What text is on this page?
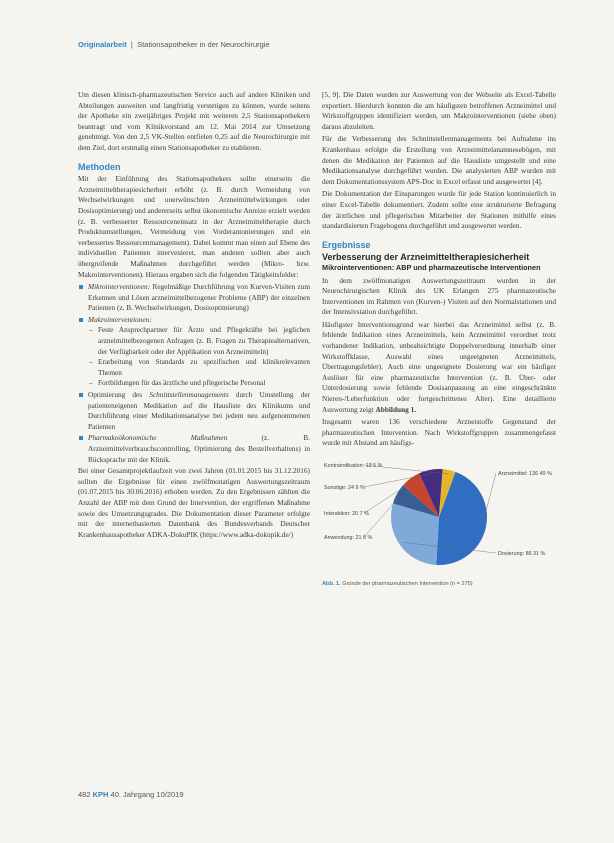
Originalarbeit  |  Stationsapotheker in der Neurochirurgie

Um diesen klinisch-pharmazeutischen Service auch auf andere Kliniken und Abteilungen ausweiten und langfristig verstetigen zu können, wurde seitens der Apotheke ein zweijähriges Projekt mit weiteren 2,5 Stationsapothekern beantragt und vom Klinikvorstand am 12. Mai 2014 zur Umsetzung genehmigt. Von den 2,5 VK-Stellen entfielen 0,25 auf die Neurochirurgie mit dem Ziel, dort erstmalig einen Stationsapotheker zu etablieren.

Methoden

Mit der Einführung des Stationsapothekers sollte einerseits die Arzneimitteltherapiesicherheit erhöht (z. B. durch Vermeidung von Wechselwirkungen und unerwünschten Arzneimittelwirkungen oder Dosisoptimierung) und andererseits selbst ökonomische Anreize erzielt werden (z. B. verbesserter Ressourceneinsatz in der Arzneimitteltherapie durch Produktumstellungen, Vermeidung von Vorderantonierungen und ein verbessertes Ressourcenmanagement). Dabei kommt man einen auf Ebene des individuellen Patienten intervenieret, man andeten sollten aber auch übergreifende Maßnahmen durchgeführt werden (Mikro- bzw. Makrointerventionen). Hieraus ergaben sich die folgenden Tätigkeitsfelder:

Mikrointerventionen: Regelmäßige Durchführung von Kurven-Visiten zum Erkennen und Lösen arzneimittelbezogener Probleme (ABP) der einzelnen Patienten (z. B. Wechselwirkungen, Dosisoptimierung)
Makrointerventionen:
– Feste Ansprechpartner für Ärzte und Pflegekräfte bei jeglichen arzneimittelbezogenen Anfragen (z. B. Fragen zu Therapiealternativen, der Verfügbarkeit oder der Applikation von Arzneimitteln)
– Erarbeitung von Standards zu spezifischen und klinikrelevanten Themen
– Fortbildungen für das ärztliche und pflegerische Personal
Optimierung des Schnittstellenmanagements durch Umstellung der patienteneigenen Medikation auf die Hausliste des Klinikums und Durchführung einer Medikationsanalyse bei jedem neu aufgenommenen Patienten
Pharmakoökonomische Maßnahmen	(z. B. Arzneimittelverbrauchscontrolling, Optimierung des Bestellverhaltens) in Rücksprache mit der Klinik.

Bei einer Gesamtprojektlaufzeit von zwei Jahren (01.01.2015 bis 31.12.2016) sollten die Ergebnisse für einen zwölfmonatigen Auswertungszeitraum (01.07.2015 bis 30.06.2016) erhoben werden. Zu den Ergebnissen zählten die Anzahl der ABP mit dem Grund der Intervention, der ergriffenen Maßnahme sowie des Umsetzungsgrades. Die Dokumentation dieser Parameter erfolgte mit der internetbasierten Datenbank des Bundesverbands Deutscher Krankenhausapotheker ADKA-DokuPIK (https://www.adka-dokupik.de/)

[5, 9]. Die Daten wurden zur Auswertung von der Webseite als Excel-Tabelle exportiert. Hierdurch konnten die am häufigsten betroffenen Arzneimittel und Wirkstoffgruppen identifiziert werden, um Makrointerventionen (siehe oben) daraus abzuleiten.

Für die Verbesserung des Schnittstellenmanagements bei Aufnahme ins Krankenhaus erfolgte die Erstellung von Arzneimittelanamnesebögen, mit denen die Medikation der Patienten auf die Hausliste umgestellt und eine Medikationsanalyse durchgeführt wurden. Die analysierten ABP wurden mit dem Dokumentationssystem APS-Doc in Excel erfasst und ausgewertet [4].

Die Dokumentation der Einsparungen wurde für jede Station kontinuierlich in einer Excel-Tabelle dokumentiert. Zudem sollte eine strukturierte Befragung der ärztlichen und pflegerischen Mitarbeiter der Stationen mithilfe eines standardisierten Fragebogens durchgeführt und ausgewertet werden.

Ergebnisse
Verbesserung der Arzneimitteltherapiesicherheit
Mikrointerventionen: ABP und pharmazeutische Interventionen

In dem zwölfmonatigen Auswertungszeitraum wurden in der Neurochirurgischen Klinik des UK Erlangen 275 pharmazeutische Interventionen im Rahmen von (Kurven-) Visiten auf den Normalstationen und der Intensivstation durchgeführt.

Häufigster Interventionsgrund war hierbei das Arzneimittel selbst (z. B. fehlende Indikation eines Arzneimittels, kein Arzneimittel verordnet trotz vorhandener Indikation, unbeabsichtigte Doppelverordnung innerhalb einer Wirkstoffklasse, Auswahl eines ungeeigneten Arzneimittels, Übertragungsfehler). Auch eine ungeeignete Dosierung war ein häufiger Auslöser für eine pharmazeutische Intervention (z. B. Über- oder Unterdosierung sowie fehlende Dosisanpassung an eine eingeschränkte Nieren-/Leberfunktion oder fortgeschrittenes Alter). Eine detaillierte Auswertung zeigt Abbildung 1.

Insgesamt waren 136 verschiedene Arzneistoffe Gegenstand der pharmazeutischen Intervention. Nach Wirkstoffgruppen zusammengefasst wurde mit Abstand am häufigs-

Arzneimittel: 136 49 %
Dosierung: 86 31 %
Anwendung: 21 8 %
Interaktion: 20 7 %
Sonstige: 24 9 %
Kontraindikation: 13 5 %
Abb. 1. Gründe der pharmazeutischen Intervention (n = 275)
482 KPH 40. Jahrgang 10/2019
